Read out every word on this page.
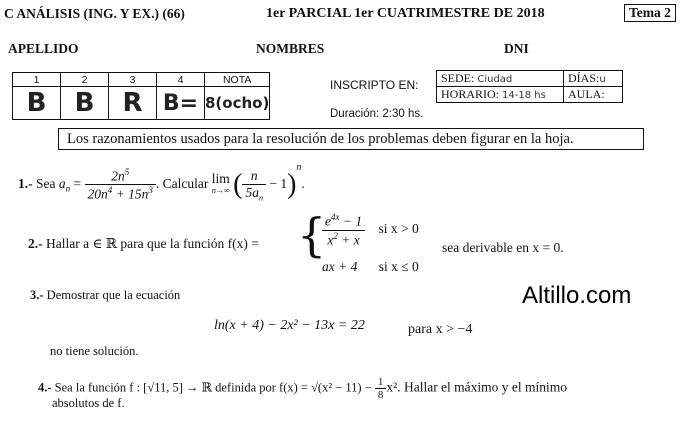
C ANÁLISIS (ING. Y EX.) (66)	1er PARCIAL 1er CUATRIMESTRE DE 2018	Tema 2
APELLIDO	NOMBRES	DNI
1	2	3	4	NOTA
B	B	R	B=	8(ocho)
INSCRIPTO EN:
Duración: 2:30 hs.
SEDE: Ciudad	DÍAS:u
HORARIO: 14-18 hs	AULA:
Los razonamientos usados para la resolución de los problemas deben figurar en la hoja.
1.- Sea $a_n = \frac{2n^5}{20n^4 + 15n^3}$ . Calcular lim
n→∞ ( $\frac{n}{5a_n} - 1)^n$.
2.- Hallar a ∈ ℝ para que la función f(x) = {
$\frac{e^{4x} - 1}{x^2 + x}$ si x > 0
ax + 4 si x ≤ 0
sea derivable en x = 0.
3.- Demostrar que la ecuación
ln(x + 4) − 2x² − 13x = 22	para x > −4
no tiene solución.
4.- Sea la función f : [√11, 5] → ℝ definida por $f(x) = √(x^2 - 11) - \frac{1}{8} x^2$. Hallar el máximo y el mínimo
absolutos de f.
Altillo.com
